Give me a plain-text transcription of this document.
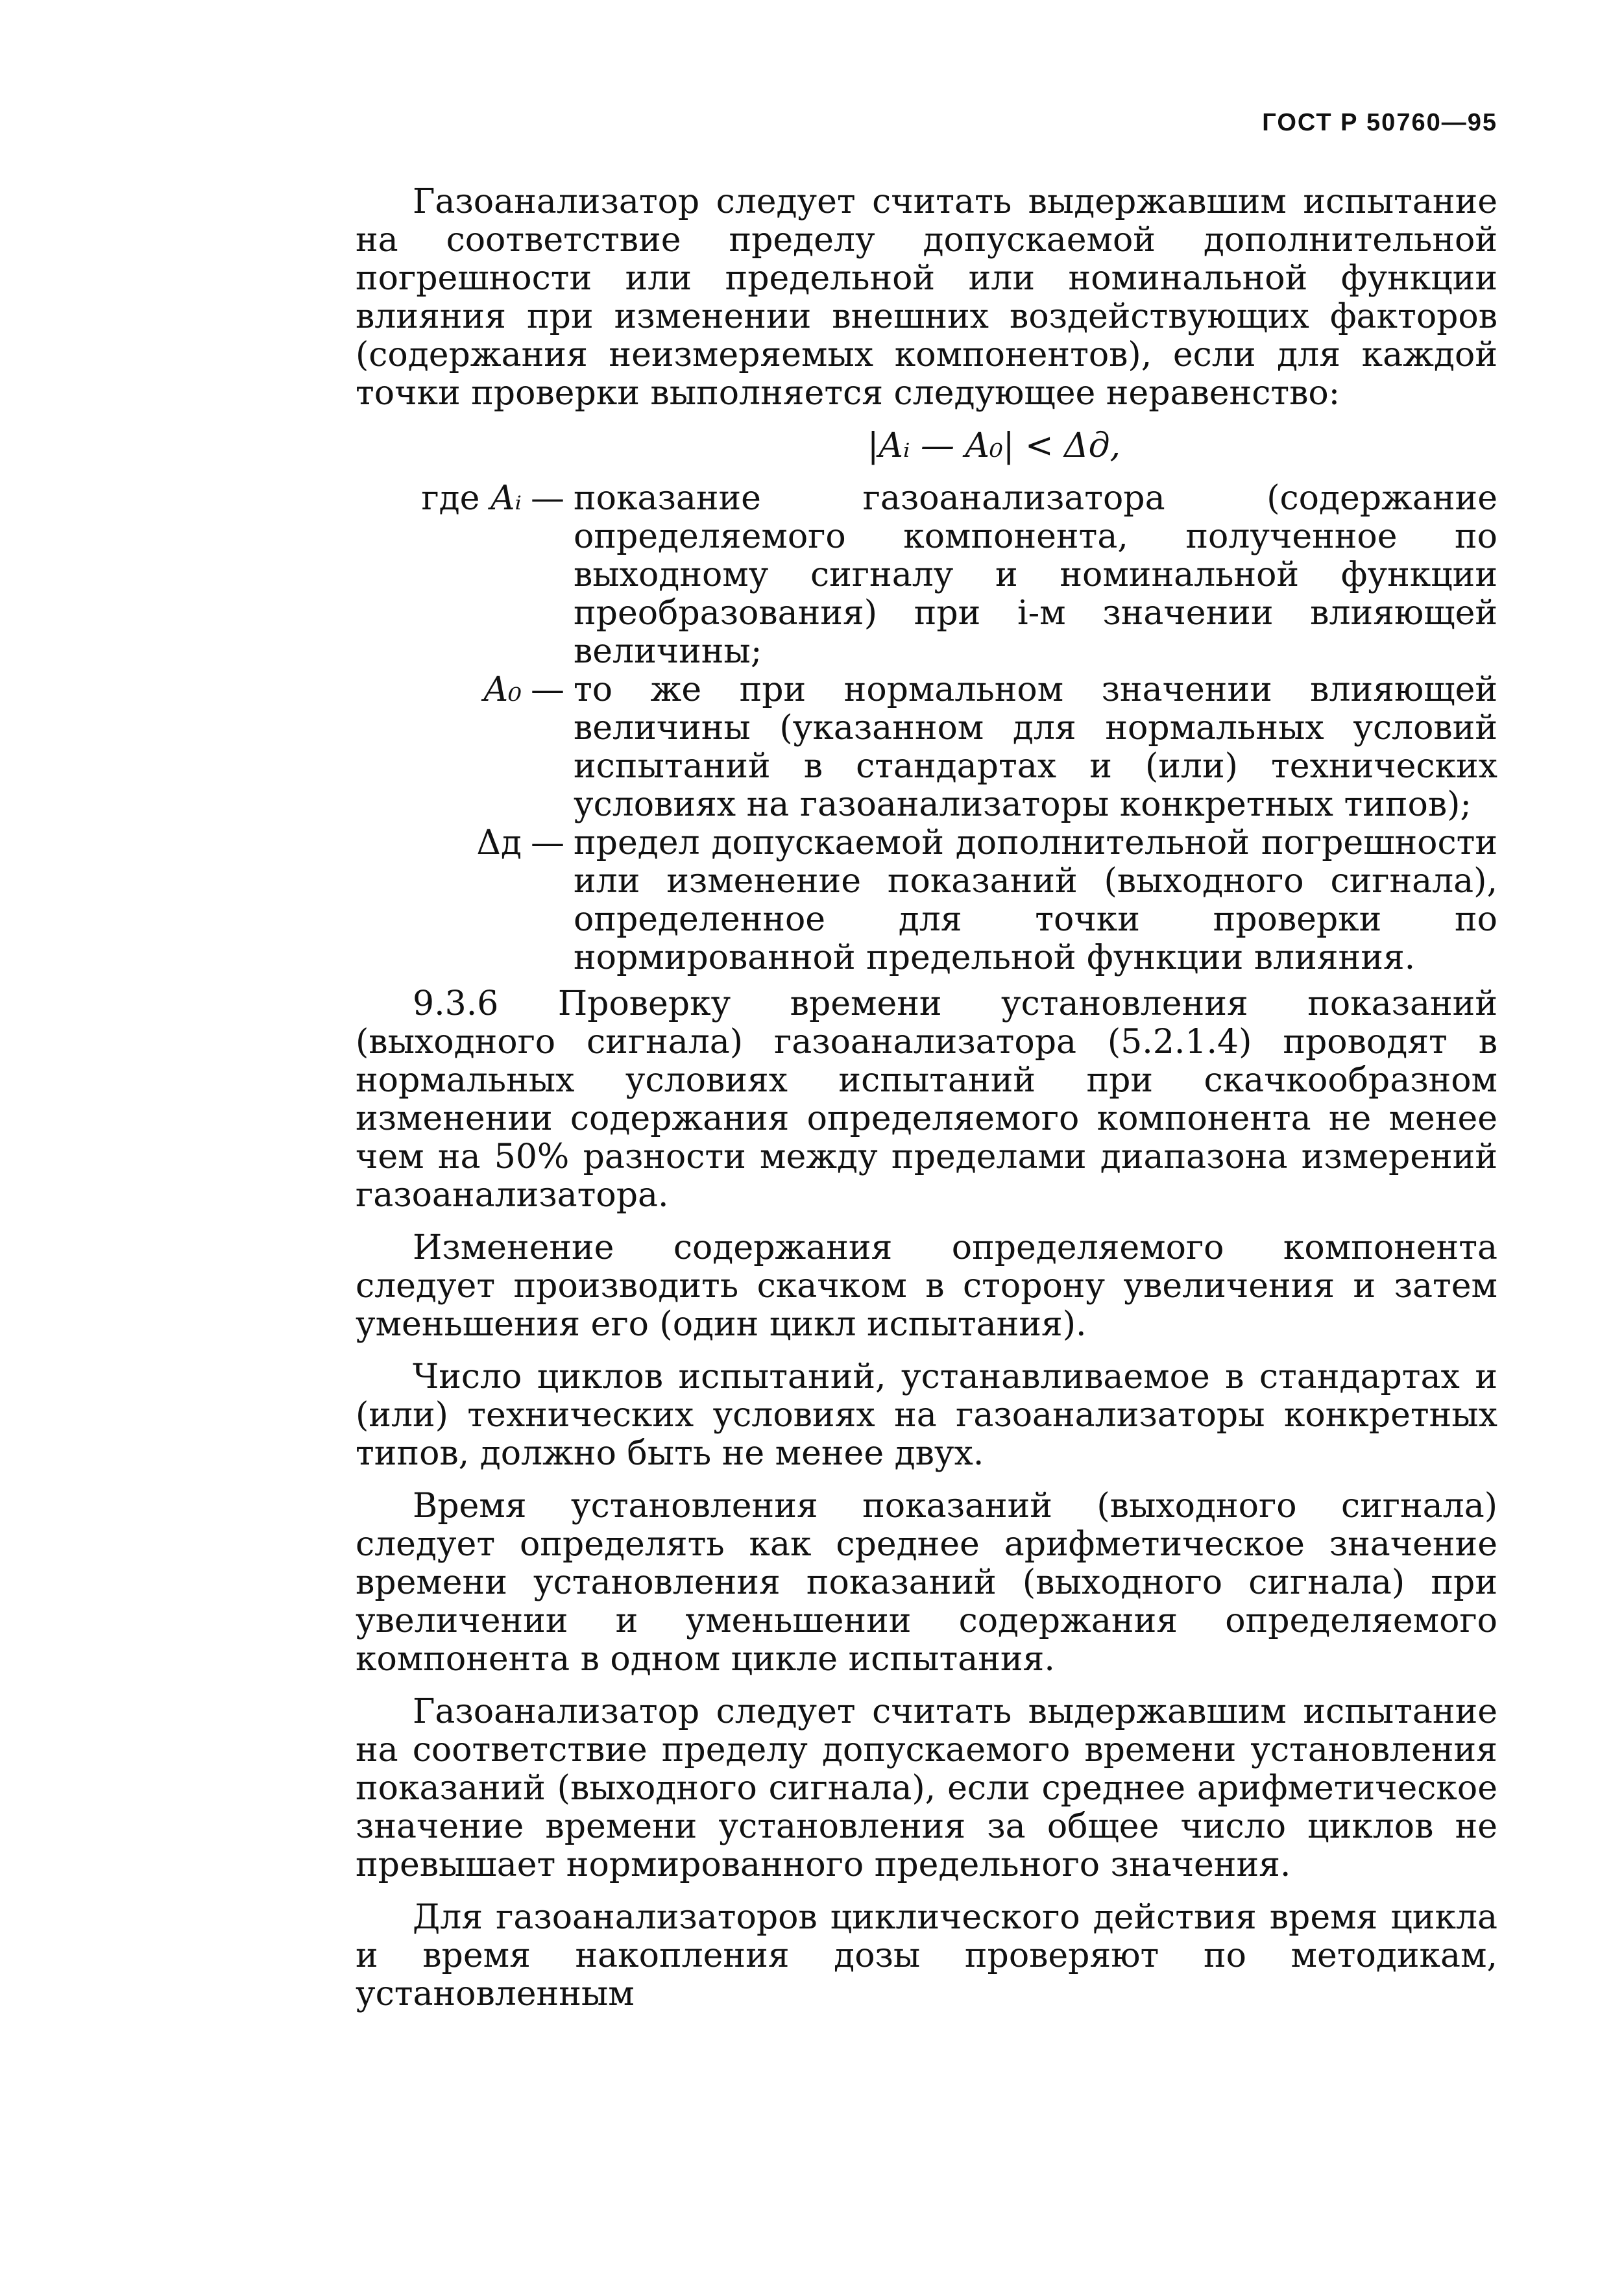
ГОСТ Р 50760—95

Газоанализатор следует считать выдержавшим испытание на соответствие пределу допускаемой дополнительной погрешности или предельной или номинальной функции влияния при изменении внешних воздействующих факторов (содержания неизмеряемых компонентов), если для каждой точки проверки выполняется следующее неравенство:

|Aᵢ — A₀| < Δд,

где Aᵢ — показание газоанализатора (содержание определяемого компонента, полученное по выходному сигналу и номинальной функции преобразования) при i-м значении влияющей величины;
A₀ — то же при нормальном значении влияющей величины (указанном для нормальных условий испытаний в стандартах и (или) технических условиях на газоанализаторы конкретных типов);
Δд — предел допускаемой дополнительной погрешности или изменение показаний (выходного сигнала), определенное для точки проверки по нормированной предельной функции влияния.

9.3.6 Проверку времени установления показаний (выходного сигнала) газоанализатора (5.2.1.4) проводят в нормальных условиях испытаний при скачкообразном изменении содержания определяемого компонента не менее чем на 50% разности между пределами диапазона измерений газоанализатора.

Изменение содержания определяемого компонента следует производить скачком в сторону увеличения и затем уменьшения его (один цикл испытания).

Число циклов испытаний, устанавливаемое в стандартах и (или) технических условиях на газоанализаторы конкретных типов, должно быть не менее двух.

Время установления показаний (выходного сигнала) следует определять как среднее арифметическое значение времени установления показаний (выходного сигнала) при увеличении и уменьшении содержания определяемого компонента в одном цикле испытания.

Газоанализатор следует считать выдержавшим испытание на соответствие пределу допускаемого времени установления показаний (выходного сигнала), если среднее арифметическое значение времени установления за общее число циклов не превышает нормированного предельного значения.

Для газоанализаторов циклического действия время цикла и время накопления дозы проверяют по методикам, установленным
